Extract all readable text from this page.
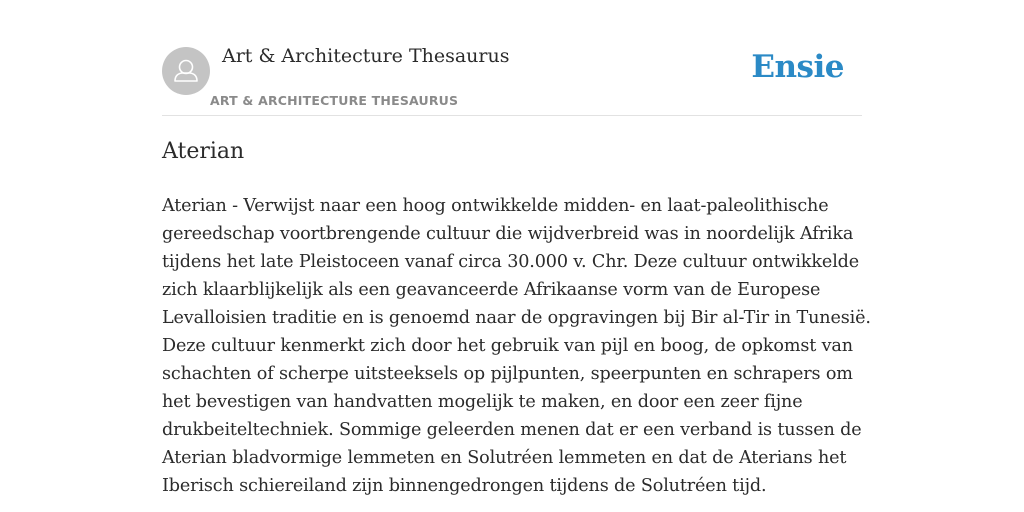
Art & Architecture Thesaurus
ART & ARCHITECTURE THESAURUS
Ensie
Aterian

Aterian - Verwijst naar een hoog ontwikkelde midden- en laat-paleolithische
gereedschap voortbrengende cultuur die wijdverbreid was in noordelijk Afrika
tijdens het late Pleistoceen vanaf circa 30.000 v. Chr. Deze cultuur ontwikkelde
zich klaarblijkelijk als een geavanceerde Afrikaanse vorm van de Europese
Levalloisien traditie en is genoemd naar de opgravingen bij Bir al-Tir in Tunesië.
Deze cultuur kenmerkt zich door het gebruik van pijl en boog, de opkomst van
schachten of scherpe uitsteeksels op pijlpunten, speerpunten en schrapers om
het bevestigen van handvatten mogelijk te maken, en door een zeer fijne
drukbeiteltechniek. Sommige geleerden menen dat er een verband is tussen de
Aterian bladvormige lemmeten en Solutréen lemmeten en dat de Aterians het
Iberisch schiereiland zijn binnengedrongen tijdens de Solutréen tijd.
